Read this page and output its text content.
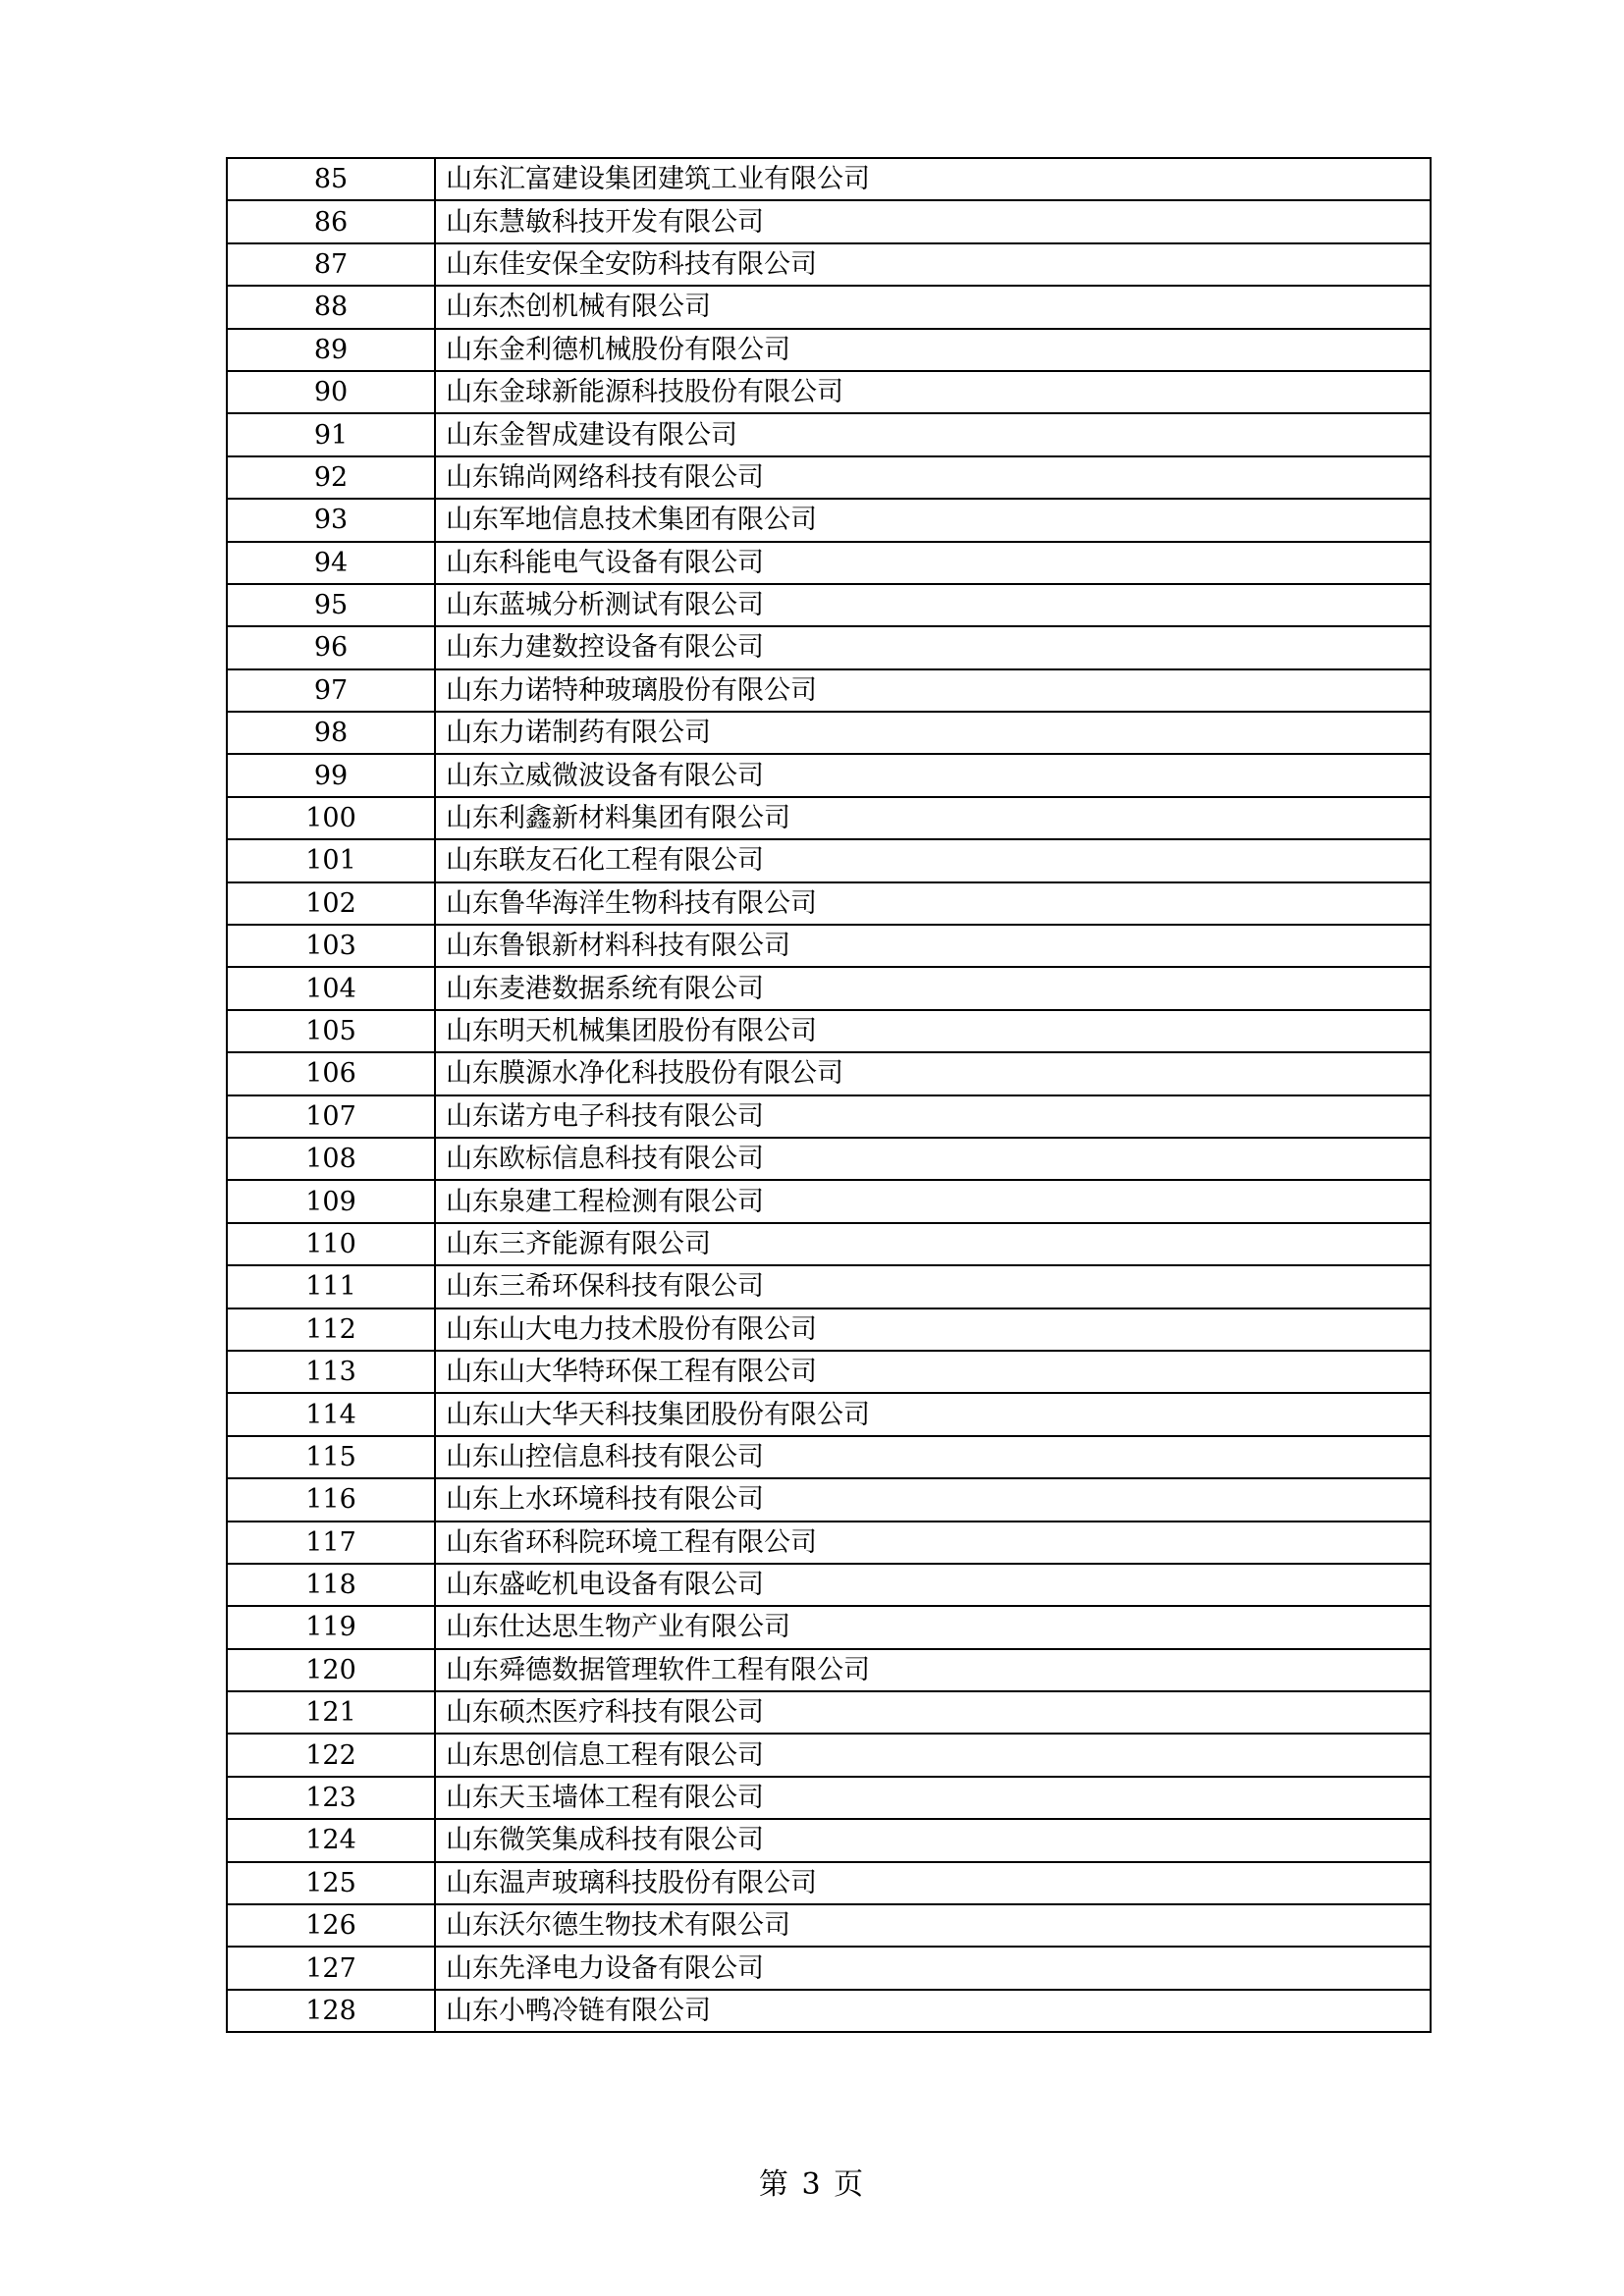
85	山东汇富建设集团建筑工业有限公司
86	山东慧敏科技开发有限公司
87	山东佳安保全安防科技有限公司
88	山东杰创机械有限公司
89	山东金利德机械股份有限公司
90	山东金球新能源科技股份有限公司
91	山东金智成建设有限公司
92	山东锦尚网络科技有限公司
93	山东军地信息技术集团有限公司
94	山东科能电气设备有限公司
95	山东蓝城分析测试有限公司
96	山东力建数控设备有限公司
97	山东力诺特种玻璃股份有限公司
98	山东力诺制药有限公司
99	山东立威微波设备有限公司
100	山东利鑫新材料集团有限公司
101	山东联友石化工程有限公司
102	山东鲁华海洋生物科技有限公司
103	山东鲁银新材料科技有限公司
104	山东麦港数据系统有限公司
105	山东明天机械集团股份有限公司
106	山东膜源水净化科技股份有限公司
107	山东诺方电子科技有限公司
108	山东欧标信息科技有限公司
109	山东泉建工程检测有限公司
110	山东三齐能源有限公司
111	山东三希环保科技有限公司
112	山东山大电力技术股份有限公司
113	山东山大华特环保工程有限公司
114	山东山大华天科技集团股份有限公司
115	山东山控信息科技有限公司
116	山东上水环境科技有限公司
117	山东省环科院环境工程有限公司
118	山东盛屹机电设备有限公司
119	山东仕达思生物产业有限公司
120	山东舜德数据管理软件工程有限公司
121	山东硕杰医疗科技有限公司
122	山东思创信息工程有限公司
123	山东天玉墙体工程有限公司
124	山东微笑集成科技有限公司
125	山东温声玻璃科技股份有限公司
126	山东沃尔德生物技术有限公司
127	山东先泽电力设备有限公司
128	山东小鸭冷链有限公司
第 3 页
